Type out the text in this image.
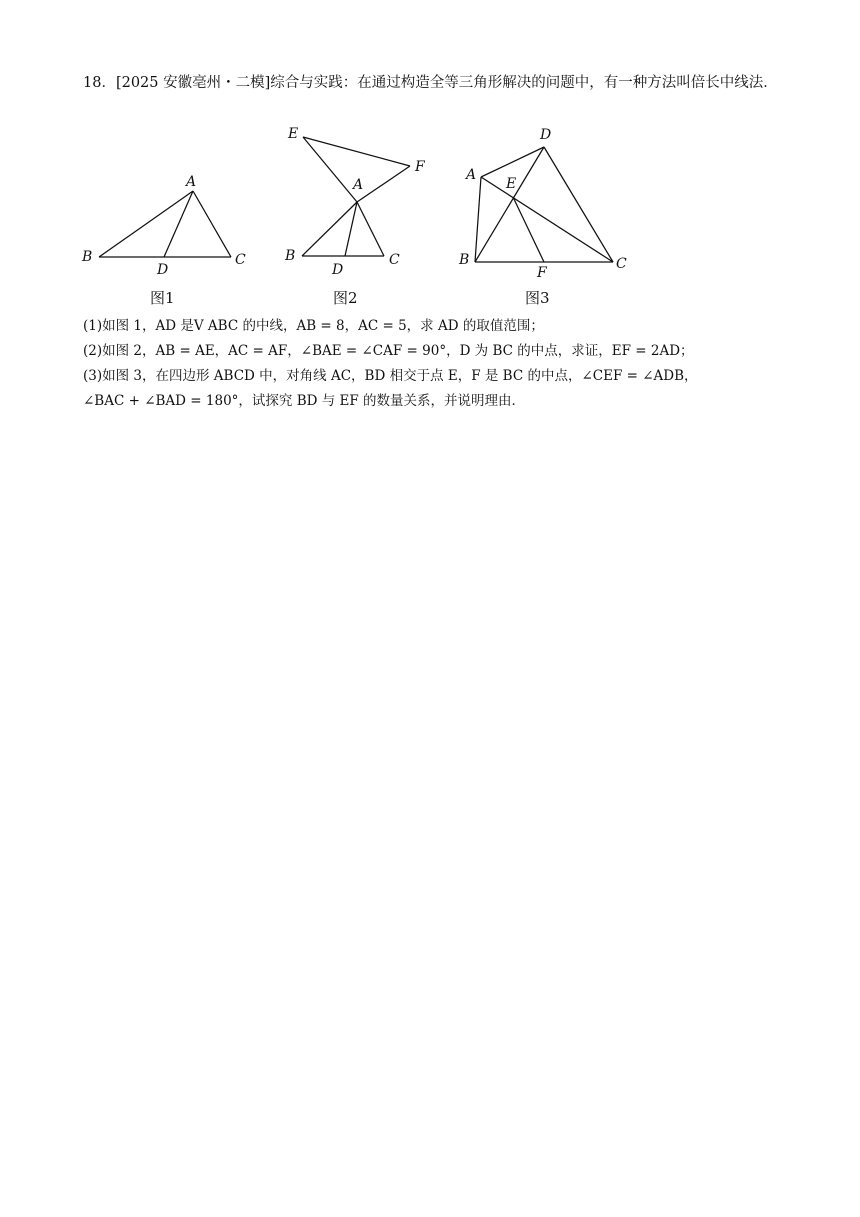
18．[2025 安徽亳州・二模]综合与实践：在通过构造全等三角形解决的问题中，有一种方法叫倍长中线法．

A
B	C
D
图1
E
F
A
B	C
D
图2
D
A
E
B	C
F
图3

(1)如图 1，AD 是V ABC 的中线，AB = 8，AC = 5，求 AD 的取值范围；

(2)如图 2，AB = AE，AC = AF，∠BAE = ∠CAF = 90°，D 为 BC 的中点，求证，EF = 2AD；

(3)如图 3，在四边形 ABCD 中，对角线 AC，BD 相交于点 E，F 是 BC 的中点，∠CEF = ∠ADB，

∠BAC + ∠BAD = 180°，试探究 BD 与 EF 的数量关系，并说明理由．
